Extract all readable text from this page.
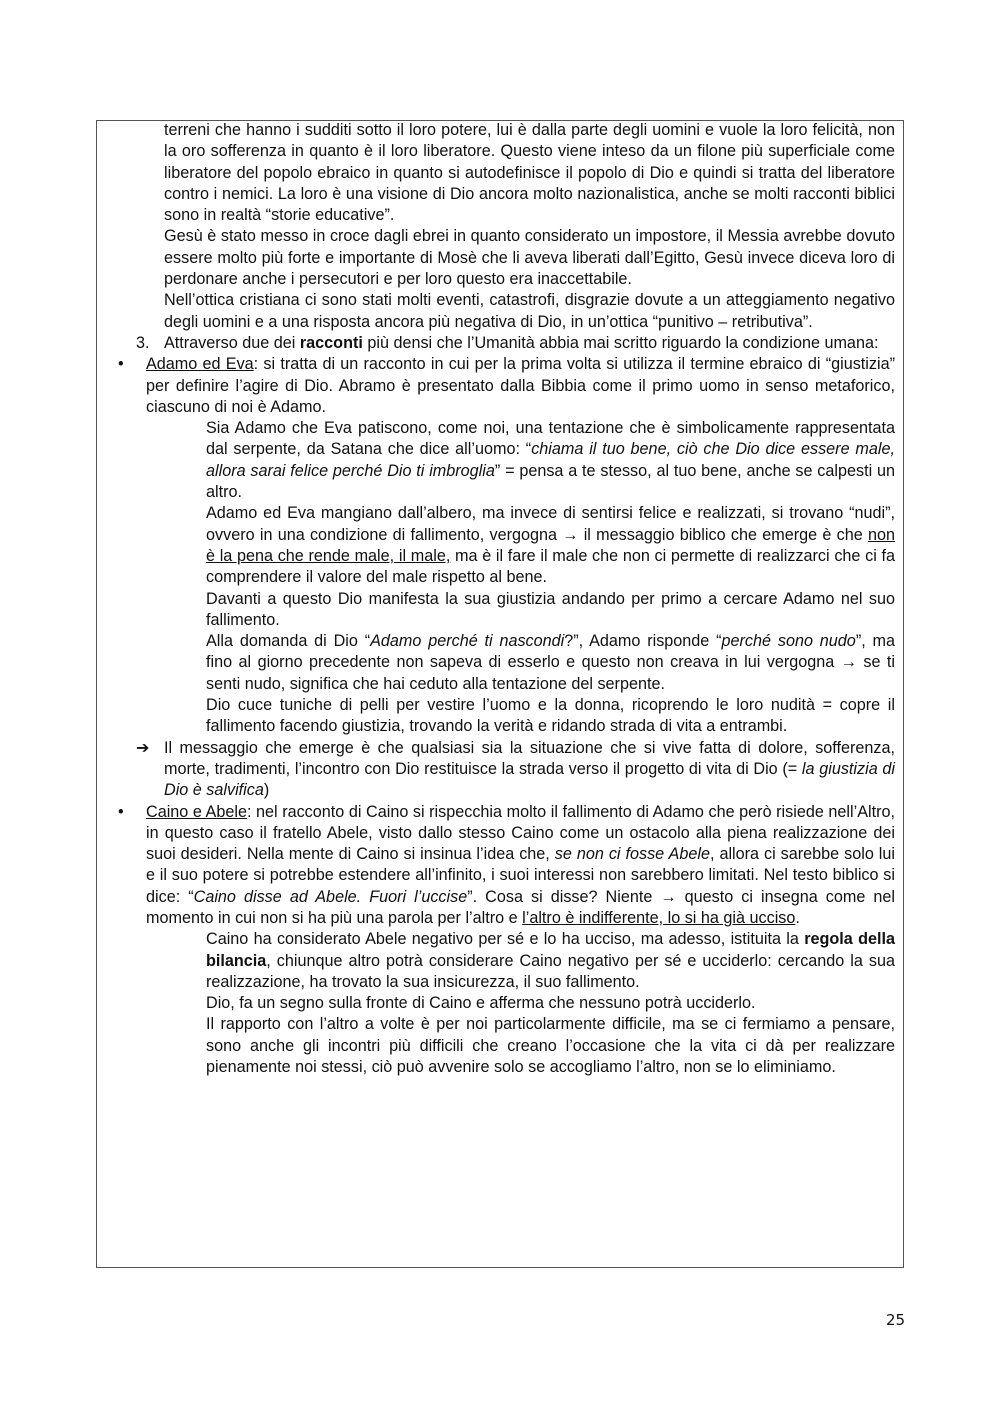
terreni che hanno i sudditi sotto il loro potere, lui è dalla parte degli uomini e vuole la loro felicità, non la oro sofferenza in quanto è il loro liberatore. Questo viene inteso da un filone più superficiale come liberatore del popolo ebraico in quanto si autodefinisce il popolo di Dio e quindi si tratta del liberatore contro i nemici. La loro è una visione di Dio ancora molto nazionalistica, anche se molti racconti biblici sono in realtà “storie educative”.

Gesù è stato messo in croce dagli ebrei in quanto considerato un impostore, il Messia avrebbe dovuto essere molto più forte e importante di Mosè che li aveva liberati dall’Egitto, Gesù invece diceva loro di perdonare anche i persecutori e per loro questo era inaccettabile.

Nell’ottica cristiana ci sono stati molti eventi, catastrofi, disgrazie dovute a un atteggiamento negativo degli uomini e a una risposta ancora più negativa di Dio, in un’ottica “punitivo – retributiva”.

3. Attraverso due dei racconti più densi che l’Umanità abbia mai scritto riguardo la condizione umana:

•	Adamo ed Eva: si tratta di un racconto in cui per la prima volta si utilizza il termine ebraico di “giustizia” per definire l’agire di Dio. Abramo è presentato dalla Bibbia come il primo uomo in senso metaforico, ciascuno di noi è Adamo.

Sia Adamo che Eva patiscono, come noi, una tentazione che è simbolicamente rappresentata dal serpente, da Satana che dice all’uomo: “chiama il tuo bene, ciò che Dio dice essere male, allora sarai felice perché Dio ti imbroglia” = pensa a te stesso, al tuo bene, anche se calpesti un altro.

Adamo ed Eva mangiano dall’albero, ma invece di sentirsi felice e realizzati, si trovano “nudi”, ovvero in una condizione di fallimento, vergogna → il messaggio biblico che emerge è che non è la pena che rende male, il male, ma è il fare il male che non ci permette di realizzarci che ci fa comprendere il valore del male rispetto al bene.

Davanti a questo Dio manifesta la sua giustizia andando per primo a cercare Adamo nel suo fallimento.

Alla domanda di Dio “Adamo perché ti nascondi?”, Adamo risponde “perché sono nudo”, ma fino al giorno precedente non sapeva di esserlo e questo non creava in lui vergogna → se ti senti nudo, significa che hai ceduto alla tentazione del serpente.

Dio cuce tuniche di pelli per vestire l’uomo e la donna, ricoprendo le loro nudità = copre il fallimento facendo giustizia, trovando la verità e ridando strada di vita a entrambi.

➔ Il messaggio che emerge è che qualsiasi sia la situazione che si vive fatta di dolore, sofferenza, morte, tradimenti, l’incontro con Dio restituisce la strada verso il progetto di vita di Dio (= la giustizia di Dio è salvifica)

•	Caino e Abele: nel racconto di Caino si rispecchia molto il fallimento di Adamo che però risiede nell’Altro, in questo caso il fratello Abele, visto dallo stesso Caino come un ostacolo alla piena realizzazione dei suoi desideri. Nella mente di Caino si insinua l’idea che, se non ci fosse Abele, allora ci sarebbe solo lui e il suo potere si potrebbe estendere all’infinito, i suoi interessi non sarebbero limitati. Nel testo biblico si dice: “Caino disse ad Abele. Fuori l’uccise”. Cosa si disse? Niente → questo ci insegna come nel momento in cui non si ha più una parola per l’altro e l’altro è indifferente, lo si ha già ucciso.

Caino ha considerato Abele negativo per sé e lo ha ucciso, ma adesso, istituita la regola della bilancia, chiunque altro potrà considerare Caino negativo per sé e ucciderlo: cercando la sua realizzazione, ha trovato la sua insicurezza, il suo fallimento.

Dio, fa un segno sulla fronte di Caino e afferma che nessuno potrà ucciderlo.

Il rapporto con l’altro a volte è per noi particolarmente difficile, ma se ci fermiamo a pensare, sono anche gli incontri più difficili che creano l’occasione che la vita ci dà per realizzare pienamente noi stessi, ciò può avvenire solo se accogliamo l’altro, non se lo eliminiamo.

25
